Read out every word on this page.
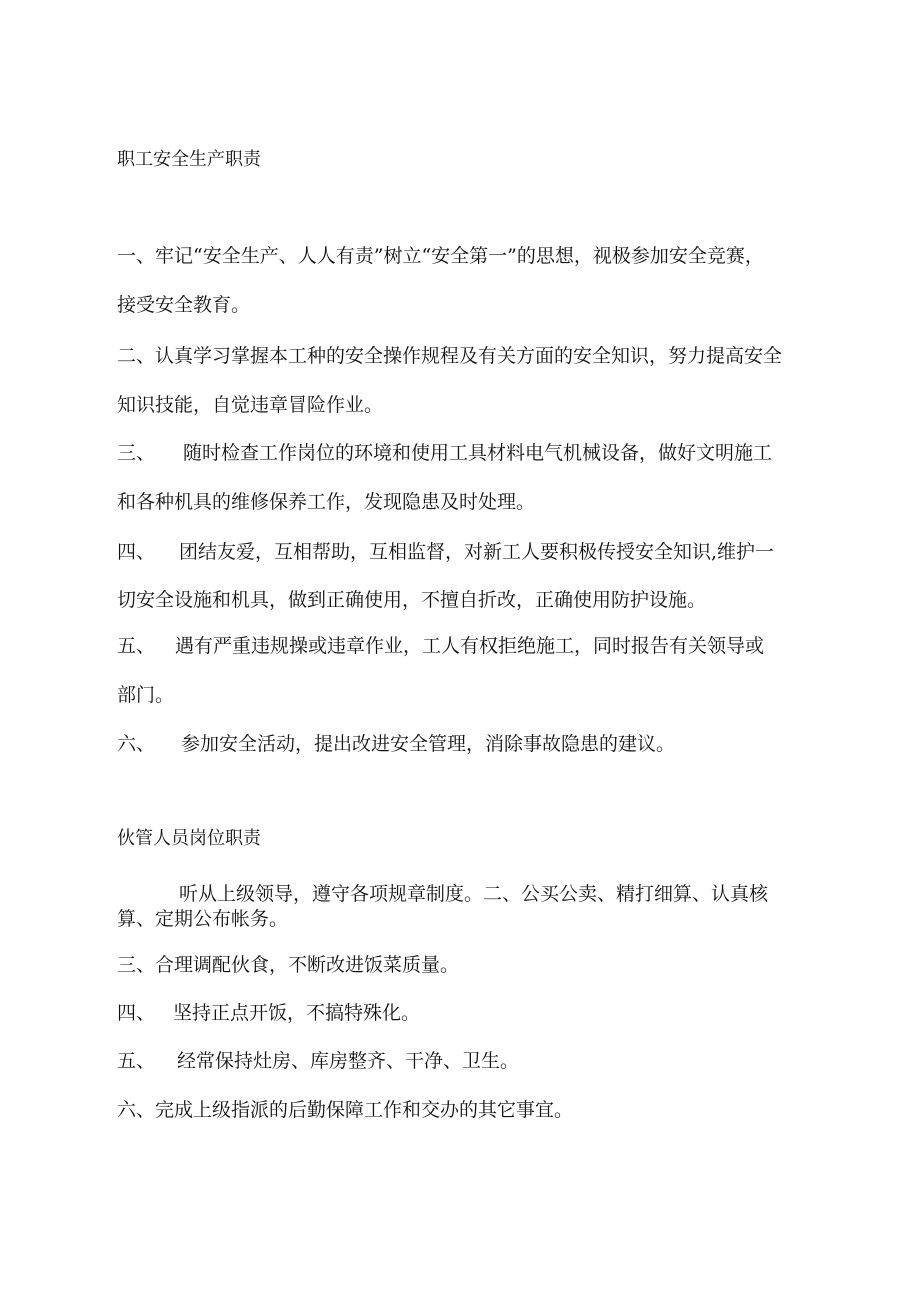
职工安全生产职责
一、牢记“安全生产、人人有责”树立“安全第一”的思想，视极参加安全竞赛，
接受安全教育。
二、认真学习掌握本工种的安全操作规程及有关方面的安全知识，努力提高安全
知识技能，自觉违章冒险作业。
三、 随时检查工作岗位的环境和使用工具材料电气机械设备，做好文明施工
和各种机具的维修保养工作，发现隐患及时处理。
四、 团结友爱，互相帮助，互相监督，对新工人要积极传授安全知识,维护一
切安全设施和机具，做到正确使用，不擅自折改，正确使用防护设施。
五、 遇有严重违规操或违章作业，工人有权拒绝施工，同时报告有关领导或
部门。
六、 参加安全活动，提出改进安全管理，消除事故隐患的建议。
伙管人员岗位职责
听从上级领导，遵守各项规章制度。二、公买公卖、精打细算、认真核
算、定期公布帐务。
三、合理调配伙食，不断改进饭菜质量。
四、 坚持正点开饭，不搞特殊化。
五、 经常保持灶房、库房整齐、干净、卫生。
六、完成上级指派的后勤保障工作和交办的其它事宜。
